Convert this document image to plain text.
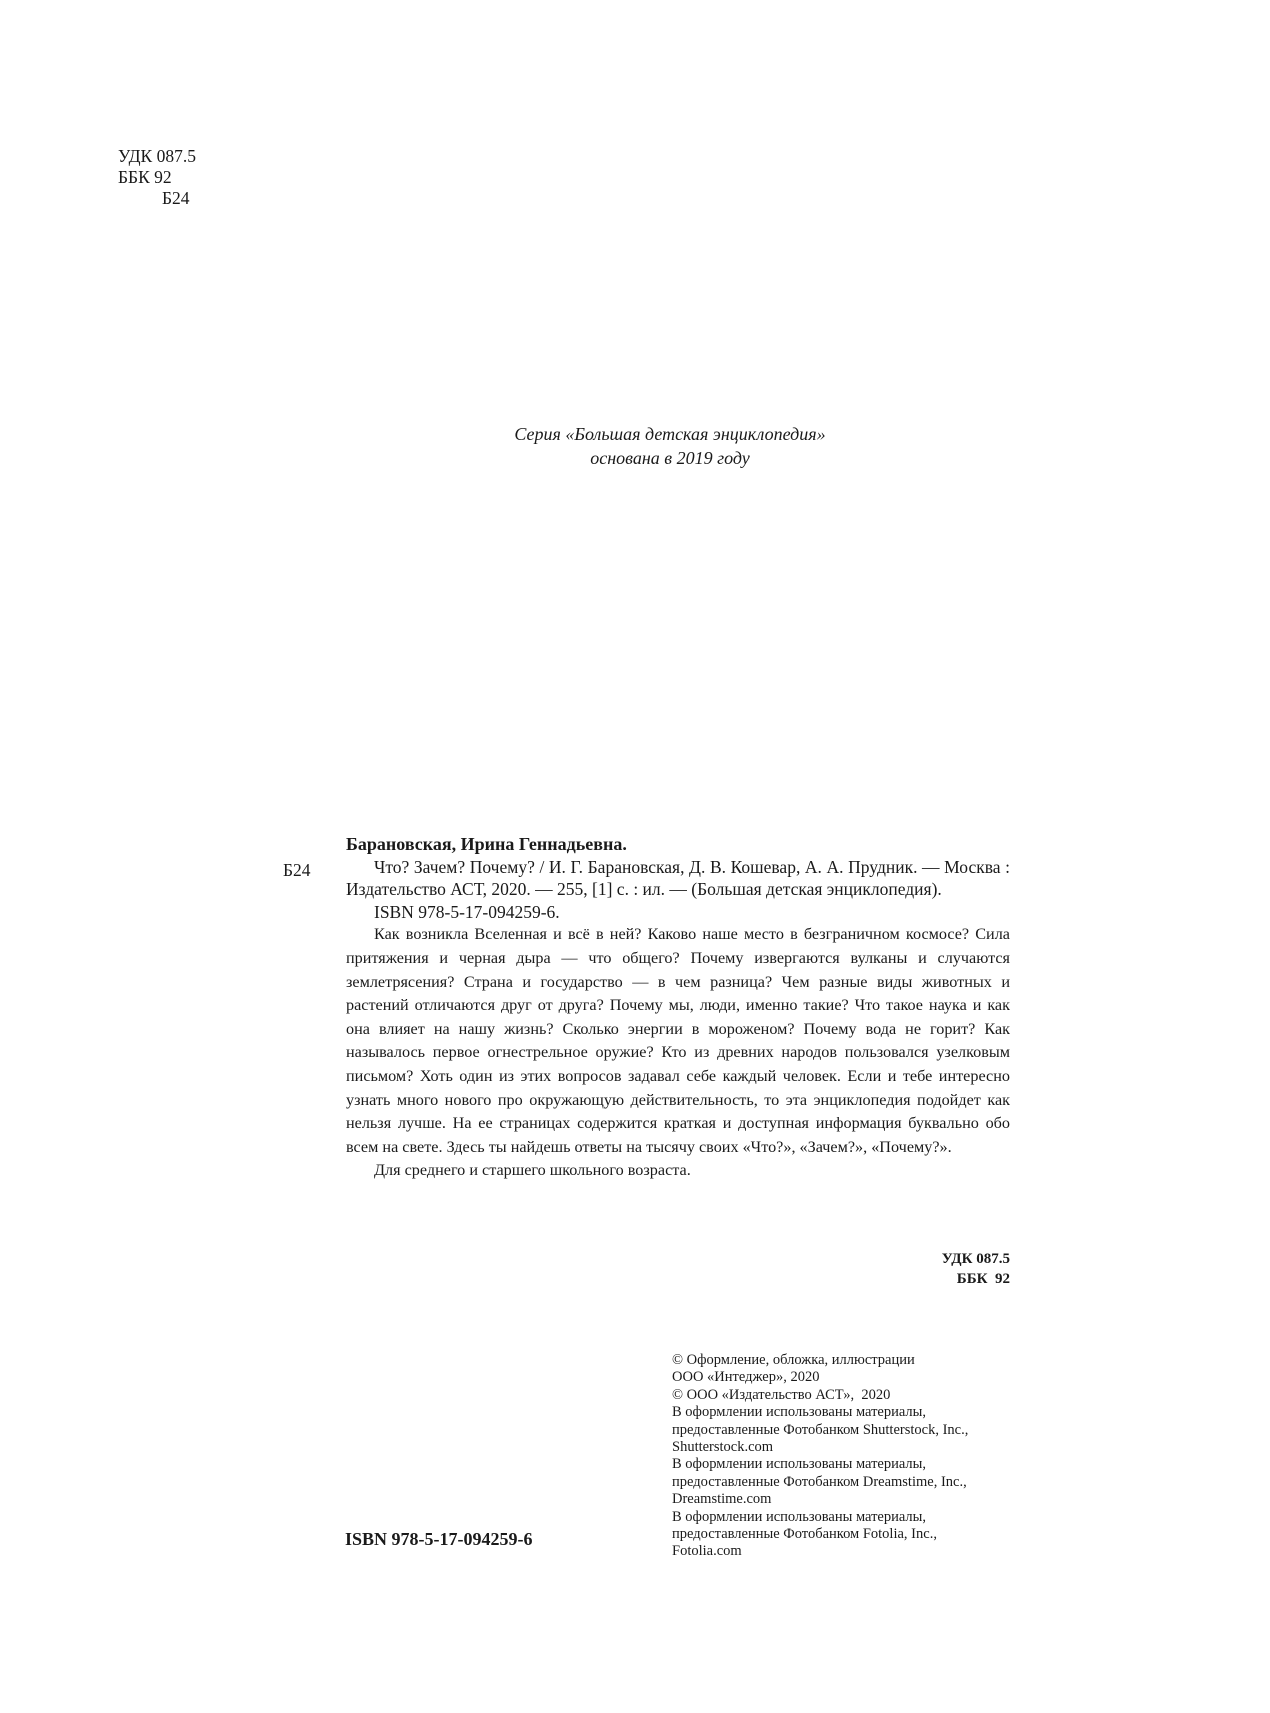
УДК 087.5
ББК 92
Б24
Серия «Большая детская энциклопедия»
основана в 2019 году
Б24

Барановская, Ирина Геннадьевна.

Что? Зачем? Почему? / И. Г. Барановская, Д. В. Кошевар, А. А. Прудник. — Москва : Издательство АСТ, 2020. — 255, [1] с. : ил. — (Большая детская энциклопедия).

ISBN 978-5-17-094259-6.

Как возникла Вселенная и всё в ней? Каково наше место в безграничном космосе? Сила притяжения и черная дыра — что общего? Почему извергаются вулканы и случаются землетрясения? Страна и государство — в чем разница? Чем разные виды животных и растений отличаются друг от друга? Почему мы, люди, именно такие? Что такое наука и как она влияет на нашу жизнь? Сколько энергии в мороженом? Почему вода не горит? Как называлось первое огнестрельное оружие? Кто из древних народов пользовался узелковым письмом? Хоть один из этих вопросов задавал себе каждый человек. Если и тебе интересно узнать много нового про окружающую действительность, то эта энциклопедия подойдет как нельзя лучше. На ее страницах содержится краткая и доступная информация буквально обо всем на свете. Здесь ты найдешь ответы на тысячу своих «Что?», «Зачем?», «Почему?».

Для среднего и старшего школьного возраста.

УДК 087.5
ББК  92
© Оформление, обложка, иллюстрации
ООО «Интеджер», 2020
© ООО «Издательство АСТ»,  2020
В оформлении использованы материалы,
предоставленные Фотобанком Shutterstock, Inc.,
Shutterstock.com
В оформлении использованы материалы,
предоставленные Фотобанком Dreamstime, Inc.,
Dreamstime.com
В оформлении использованы материалы,
предоставленные Фотобанком Fotolia, Inc.,
Fotolia.com
ISBN 978-5-17-094259-6
